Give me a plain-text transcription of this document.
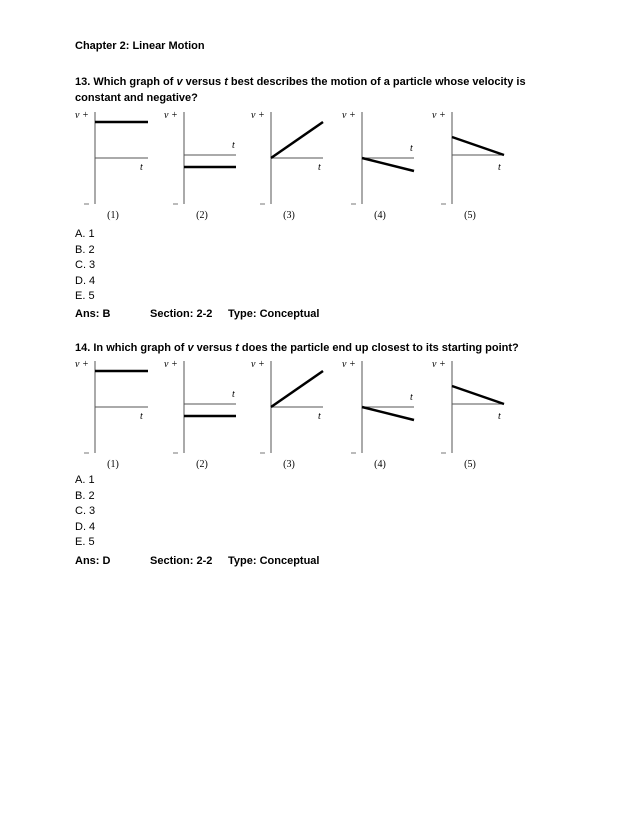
Chapter 2: Linear Motion
13. Which graph of v versus t best describes the motion of a particle whose velocity is constant and negative?
v +
t
(1)
v +
t
(2)
v +
t
(3)
v +
t
(4)
v +
t
(5)
A. 1
B. 2
C. 3
D. 4
E. 5
Ans: B	Section: 2-2 Type: Conceptual
14. In which graph of v versus t does the particle end up closest to its starting point?
v +
t
(1)
v +
t
(2)
v +
t
(3)
v +
t
(4)
v +
t
(5)
A. 1
B. 2
C. 3
D. 4
E. 5
Ans: D	Section: 2-2 Type: Conceptual
